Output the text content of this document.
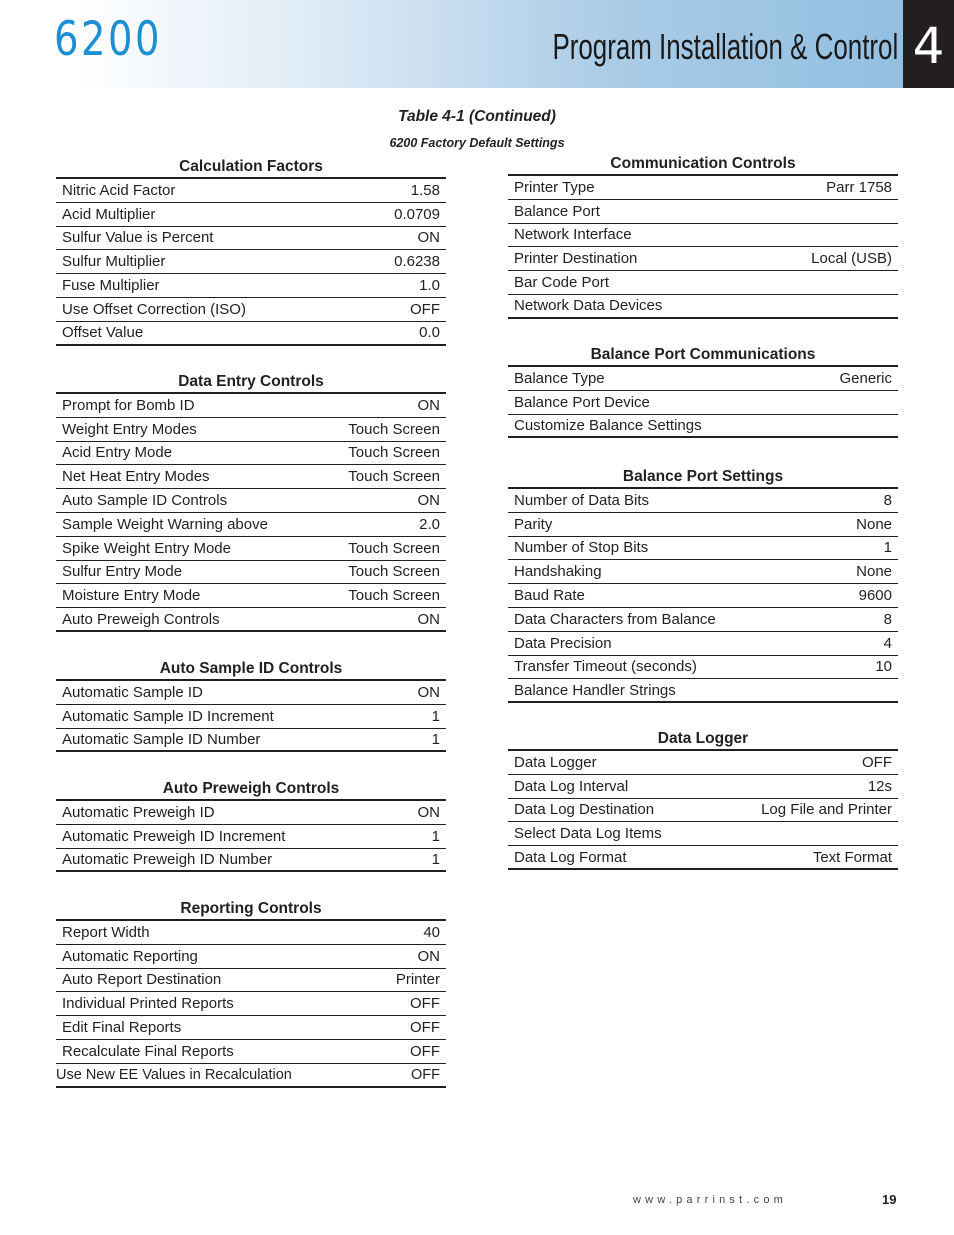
6200	Program Installation & Control 4
Table 4-1 (Continued)
6200 Factory Default Settings
Calculation Factors
Nitric Acid Factor	1.58
Acid Multiplier	0.0709
Sulfur Value is Percent	ON
Sulfur Multiplier	0.6238
Fuse Multiplier	1.0
Use Offset Correction (ISO)	OFF
Offset Value	0.0
Data Entry Controls
Prompt for Bomb ID	ON
Weight Entry Modes	Touch Screen
Acid Entry Mode	Touch Screen
Net Heat Entry Modes	Touch Screen
Auto Sample ID Controls	ON
Sample Weight Warning above	2.0
Spike Weight Entry Mode	Touch Screen
Sulfur Entry Mode	Touch Screen
Moisture Entry Mode	Touch Screen
Auto Preweigh Controls	ON
Auto Sample ID Controls
Automatic Sample ID	ON
Automatic Sample ID Increment	1
Automatic Sample ID Number	1
Auto Preweigh Controls
Automatic Preweigh ID	ON
Automatic Preweigh ID Increment	1
Automatic Preweigh ID Number	1
Reporting Controls
Report Width	40
Automatic Reporting	ON
Auto Report Destination	Printer
Individual Printed Reports	OFF
Edit Final Reports	OFF
Recalculate Final Reports	OFF
Use New EE Values in Recalculation	OFF
Communication Controls
Printer Type	Parr 1758
Balance Port
Network Interface
Printer Destination	Local (USB)
Bar Code Port
Network Data Devices
Balance Port Communications
Balance Type	Generic
Balance Port Device
Customize Balance Settings
Balance Port Settings
Number of Data Bits	8
Parity	None
Number of Stop Bits	1
Handshaking	None
Baud Rate	9600
Data Characters from Balance	8
Data Precision	4
Transfer Timeout (seconds)	10
Balance Handler Strings
Data Logger
Data Logger	OFF
Data Log Interval	12s
Data Log Destination	Log File and Printer
Select Data Log Items
Data Log Format	Text Format
www.parrinst.com	19
